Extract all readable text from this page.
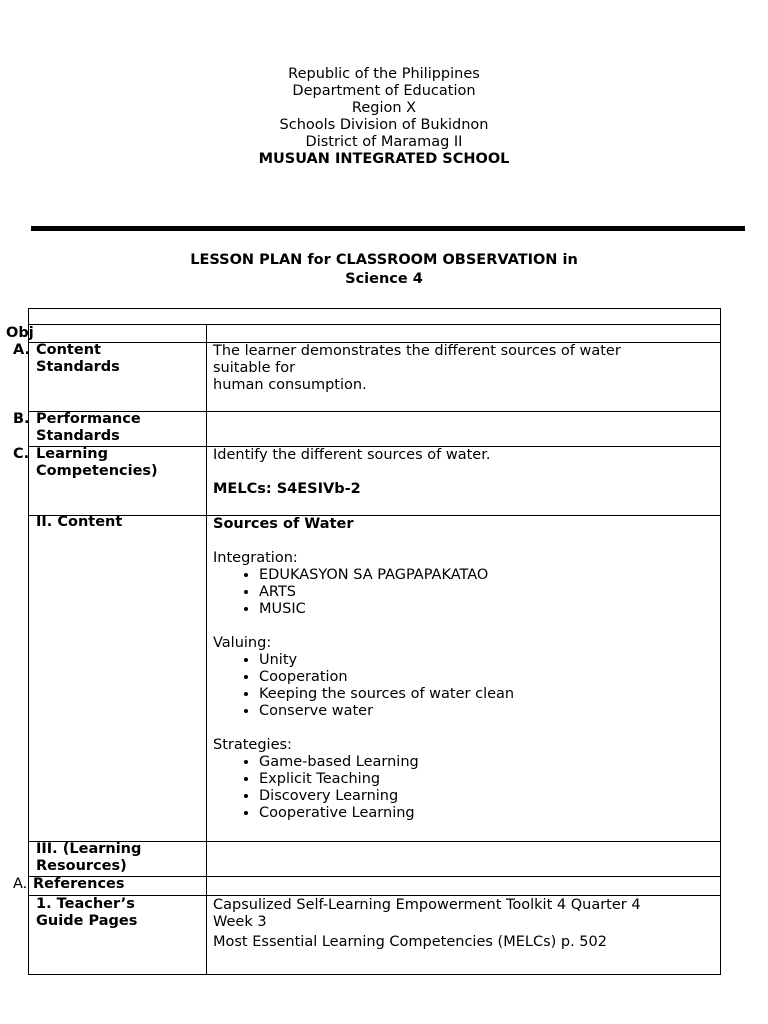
Republic of the Philippines
Department of Education
Region X
Schools Division of Bukidnon
District of Maramag II
MUSUAN INTEGRATED SCHOOL
LESSON PLAN for CLASSROOM OBSERVATION in
Science 4
The learner demonstrates the different sources of water
suitable for
human consumption.
Identify the different sources of water.
MELCs: S4ESIVb-2
Sources of Water
Integration:
• EDUKASYON SA PAGPAPAKATAO
• ARTS
• MUSIC
Valuing:
• Unity
• Cooperation
• Keeping the sources of water clean
• Conserve water
Strategies:
• Game-based Learning
• Explicit Teaching
• Discovery Learning
• Cooperative Learning
Capsulized Self-Learning Empowerment Toolkit 4 Quarter 4
Week 3
Most Essential Learning Competencies (MELCs) p. 502
Obj
A. Content
Standards
B. Performance
Standards
C. Learning
Competencies)
II. Content
III. (Learning
Resources)
A. References
1. Teacher’s
Guide Pages
